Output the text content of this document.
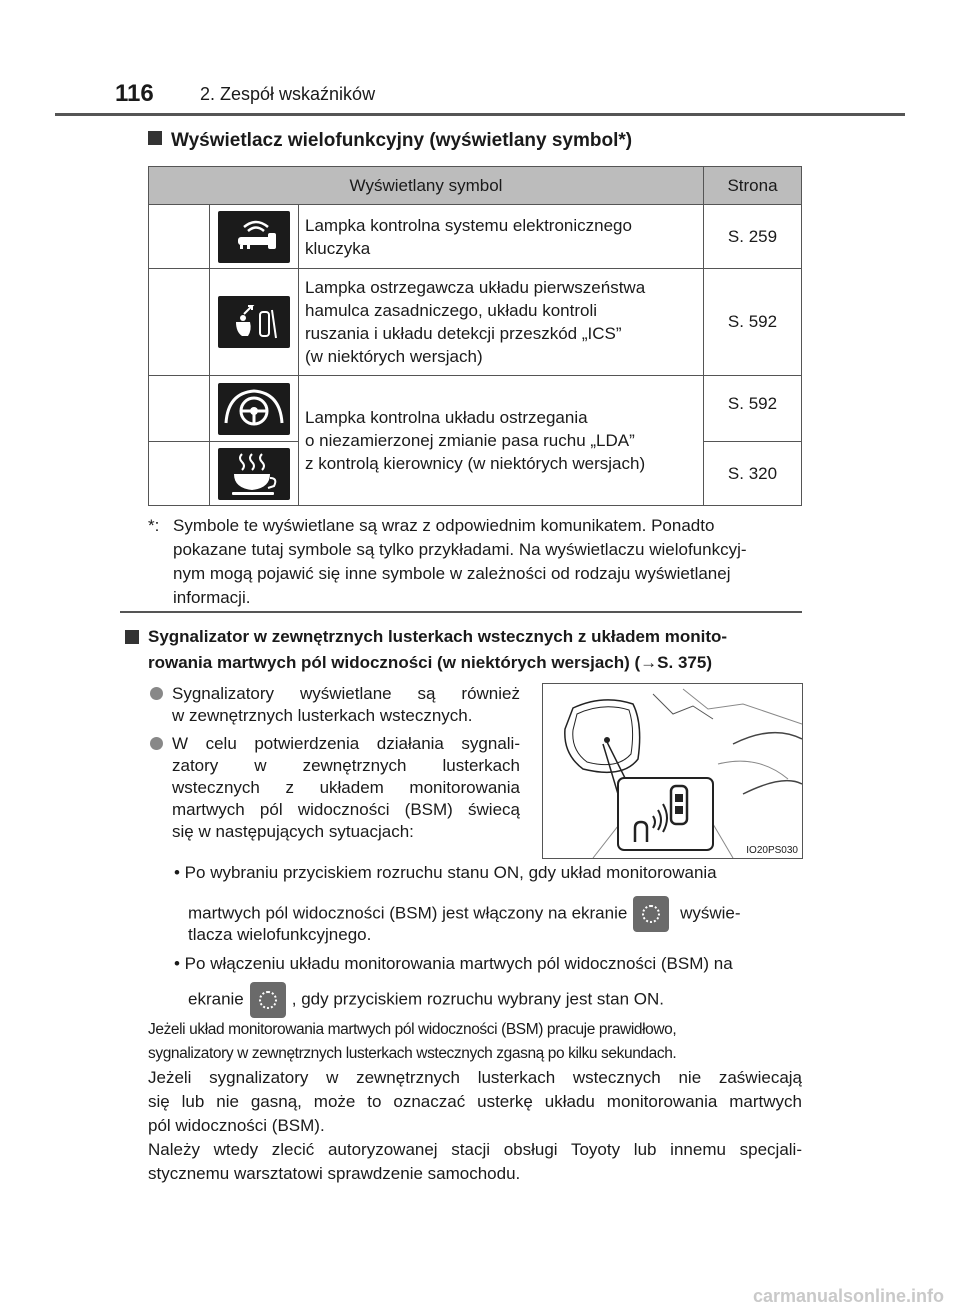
116	2. Zespół wskaźników
Wyświetlacz wielofunkcyjny (wyświetlany symbol*)
Wyświetlany symbol			Strona

Lampka kontrolna systemu elektronicznego
kluczyka	S. 259

Lampka ostrzegawcza układu pierwszeństwa
hamulca zasadniczego, układu kontroli
ruszania i układu detekcji przeszkód „ICS”
(w niektórych wersjach)	S. 592

Lampka kontrolna układu ostrzegania
o niezamierzonej zmianie pasa ruchu „LDA”
z kontrolą kierownicy (w niektórych wersjach)	S. 592

	S. 320
*: Symbole te wyświetlane są wraz z odpowiednim komunikatem. Ponadto
pokazane tutaj symbole są tylko przykładami. Na wyświetlaczu wielofunkcyj-
nym mogą pojawić się inne symbole w zależności od rodzaju wyświetlanej
informacji.
Sygnalizator w zewnętrznych lusterkach wstecznych z układem monito-
rowania martwych pól widoczności (w niektórych wersjach) (→S. 375)
Sygnalizatory wyświetlane są również
w zewnętrznych lusterkach wstecznych.
W celu potwierdzenia działania sygnali-
zatory w zewnętrznych lusterkach
wstecznych z układem monitorowania
martwych pól widoczności (BSM) świecą
się w następujących sytuacjach:
IO20PS030
• Po wybraniu przyciskiem rozruchu stanu ON, gdy układ monitorowania
martwych pól widoczności (BSM) jest włączony na ekranie	wyświe-
tlacza wielofunkcyjnego.
• Po włączeniu układu monitorowania martwych pól widoczności (BSM) na
ekranie	, gdy przyciskiem rozruchu wybrany jest stan ON.
Jeżeli układ monitorowania martwych pól widoczności (BSM) pracuje prawidłowo,
sygnalizatory w zewnętrznych lusterkach wstecznych zgasną po kilku sekundach.

Jeżeli sygnalizatory w zewnętrznych lusterkach wstecznych nie zaświecają

się lub nie gasną, może to oznaczać usterkę układu monitorowania martwych

pól widoczności (BSM).

Należy wtedy zlecić autoryzowanej stacji obsługi Toyoty lub innemu specjali-

stycznemu warsztatowi sprawdzenie samochodu.

carmanualsonline.info
